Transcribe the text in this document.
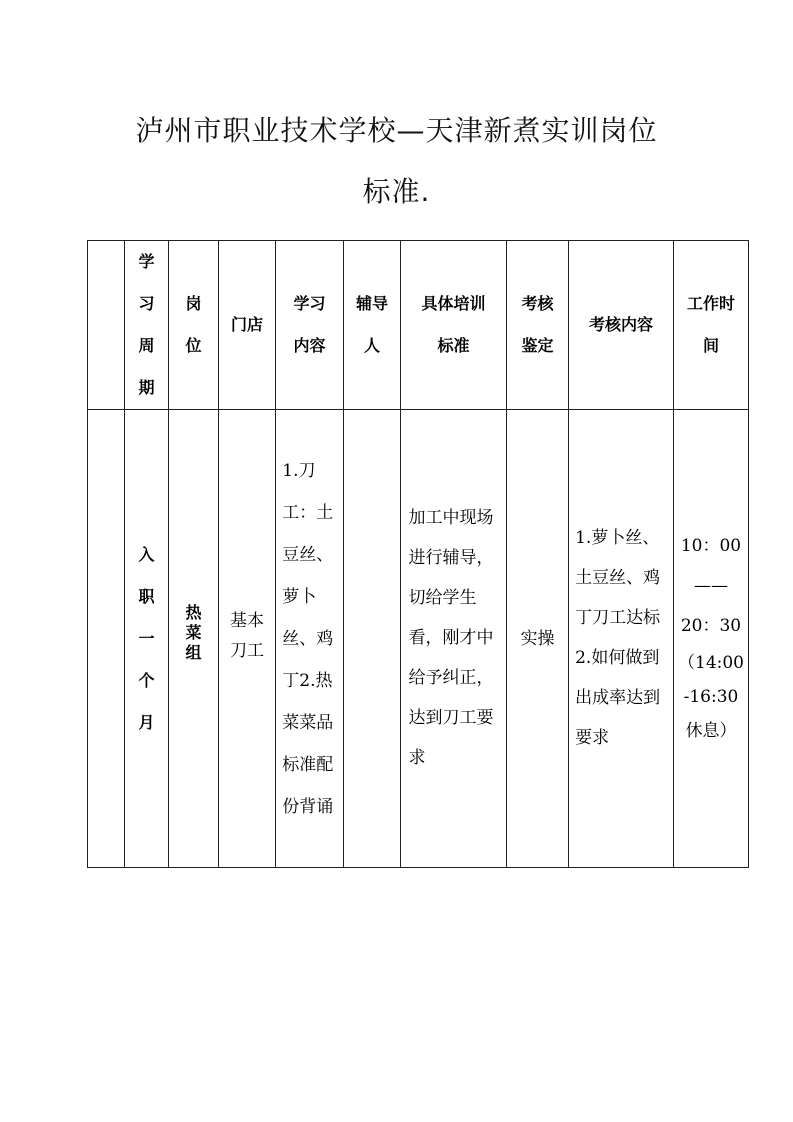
泸州市职业技术学校—天津新煮实训岗位
标准.
	学习周期	岗位	门店	学习内容	辅导人	具体培训标准	考核鉴定	考核内容	工作时间
	入职一个月	热菜组	基本刀工	1.刀工：土豆丝、萝卜丝、鸡丁2.热菜菜品标准配份背诵		加工中现场进行辅导，切给学生看，刚才中给予纠正，达到刀工要求	实操	1.萝卜丝、土豆丝、鸡丁刀工达标2.如何做到出成率达到要求	10：00
——
20：30
（14:00-16:30休息）
